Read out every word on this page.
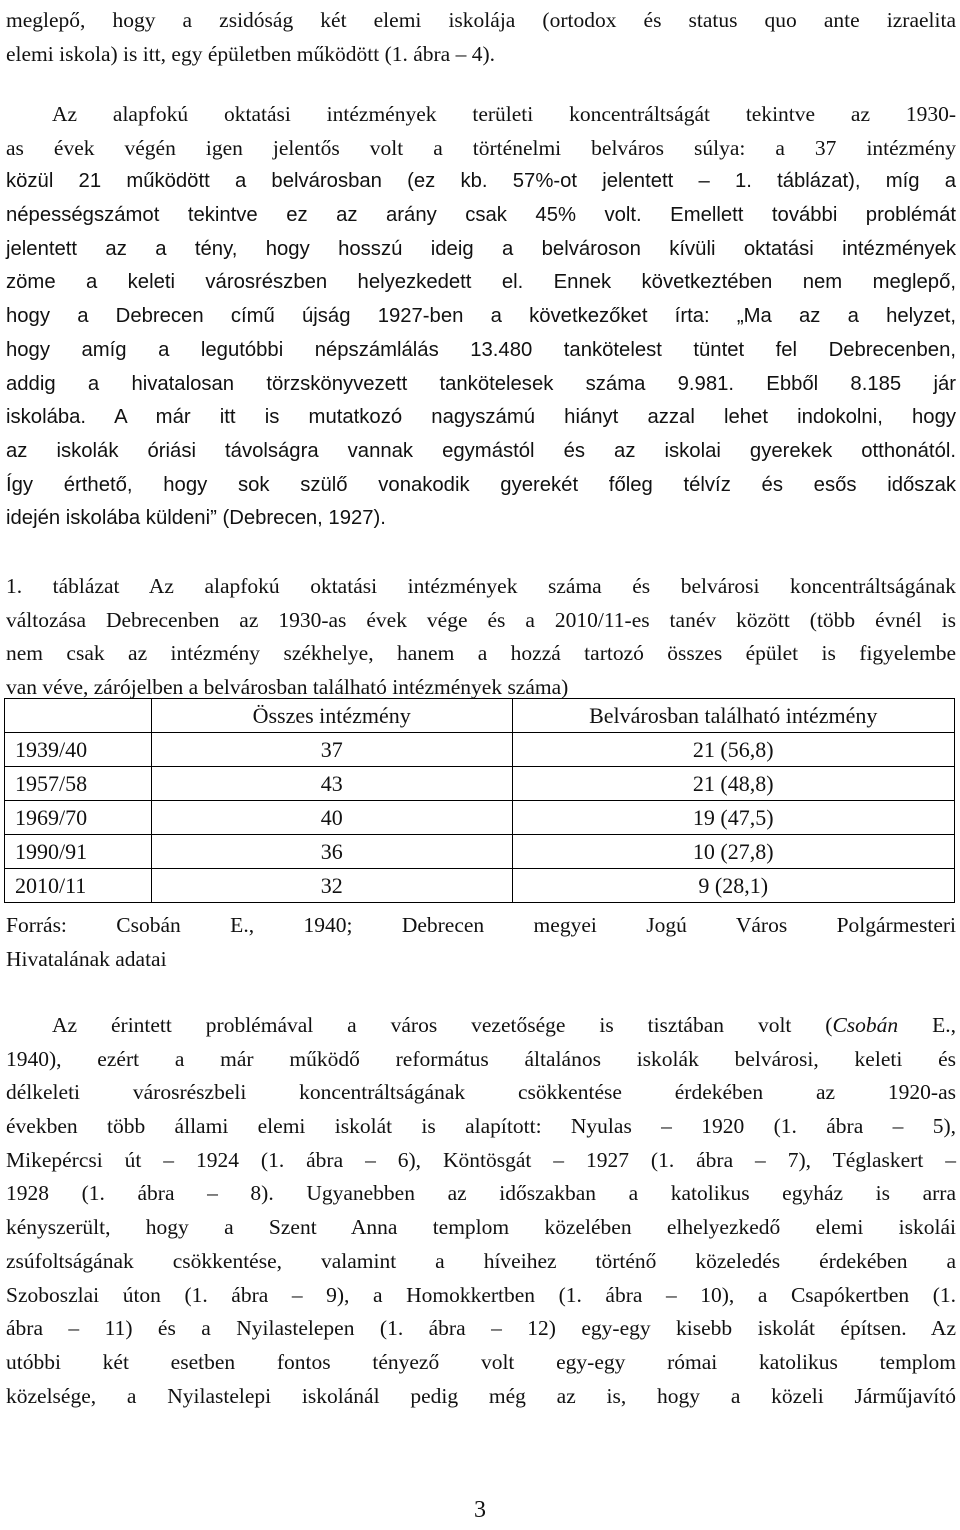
meglepő, hogy a zsidóság két elemi iskolája (ortodox és status quo ante izraelita
elemi iskola) is itt, egy épületben működött (1. ábra – 4).
Az alapfokú oktatási intézmények területi koncentráltságát tekintve az 1930-
as évek végén igen jelentős volt a történelmi belváros súlya: a 37 intézmény
közül 21 működött a belvárosban (ez kb. 57%-ot jelentett – 1. táblázat), míg a
népességszámot tekintve ez az arány csak 45% volt. Emellett további problémát
jelentett az a tény, hogy hosszú ideig a belvároson kívüli oktatási intézmények
zöme a keleti városrészben helyezkedett el. Ennek következtében nem meglepő,
hogy a Debrecen című újság 1927-ben a következőket írta: „Ma az a helyzet,
hogy amíg a legutóbbi népszámlálás 13.480 tankötelest tüntet fel Debrecenben,
addig a hivatalosan törzskönyvezett tankötelesek száma 9.981. Ebből 8.185 jár
iskolába. A már itt is mutatkozó nagyszámú hiányt azzal lehet indokolni, hogy
az iskolák óriási távolságra vannak egymástól és az iskolai gyerekek otthonától.
Így érthető, hogy sok szülő vonakodik gyerekét főleg télvíz és esős időszak
idején iskolába küldeni” (Debrecen, 1927).
1. táblázat Az alapfokú oktatási intézmények száma és belvárosi koncentráltságának
változása Debrecenben az 1930-as évek vége és a 2010/11-es tanév között (több évnél is
nem csak az intézmény székhelye, hanem a hozzá tartozó összes épület is figyelembe
van véve, zárójelben a belvárosban található intézmények száma)
	Összes intézmény	Belvárosban található intézmény
1939/40	37	21 (56,8)
1957/58	43	21 (48,8)
1969/70	40	19 (47,5)
1990/91	36	10 (27,8)
2010/11	32	9 (28,1)
Forrás: Csobán E., 1940; Debrecen megyei Jogú Város Polgármesteri
Hivatalának adatai
Az érintett problémával a város vezetősége is tisztában volt (Csobán E.,
1940), ezért a már működő református általános iskolák belvárosi, keleti és
délkeleti városrészbeli koncentráltságának csökkentése érdekében az 1920-as
években több állami elemi iskolát is alapított: Nyulas – 1920 (1. ábra – 5),
Mikepércsi út – 1924 (1. ábra – 6), Köntösgát – 1927 (1. ábra – 7), Téglaskert –
1928 (1. ábra – 8). Ugyanebben az időszakban a katolikus egyház is arra
kényszerült, hogy a Szent Anna templom közelében elhelyezkedő elemi iskolái
zsúfoltságának csökkentése, valamint a híveihez történő közeledés érdekében a
Szoboszlai úton (1. ábra – 9), a Homokkertben (1. ábra – 10), a Csapókertben (1.
ábra – 11) és a Nyilastelepen (1. ábra – 12) egy-egy kisebb iskolát építsen. Az
utóbbi két esetben fontos tényező volt egy-egy római katolikus templom
közelsége, a Nyilastelepi iskolánál pedig még az is, hogy a közeli Járműjavító
3
